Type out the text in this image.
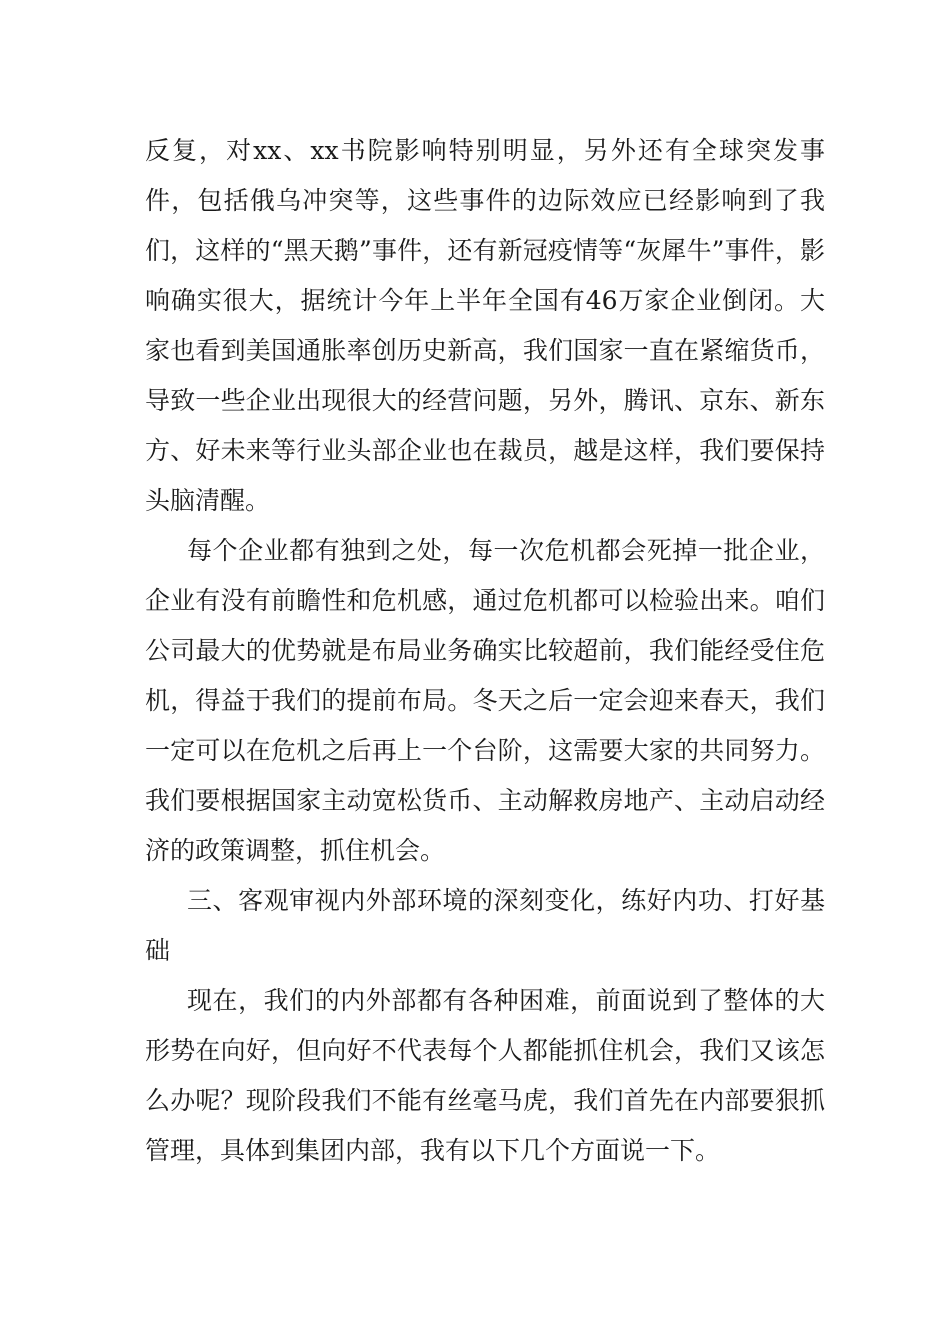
反复，对xx、xx书院影响特别明显，另外还有全球突发事件，包括俄乌冲突等，这些事件的边际效应已经影响到了我们，这样的“黑天鹅”事件，还有新冠疫情等“灰犀牛”事件，影响确实很大，据统计今年上半年全国有46万家企业倒闭。大家也看到美国通胀率创历史新高，我们国家一直在紧缩货币，导致一些企业出现很大的经营问题，另外，腾讯、京东、新东方、好未来等行业头部企业也在裁员，越是这样，我们要保持头脑清醒。

每个企业都有独到之处，每一次危机都会死掉一批企业，企业有没有前瞻性和危机感，通过危机都可以检验出来。咱们公司最大的优势就是布局业务确实比较超前，我们能经受住危机，得益于我们的提前布局。冬天之后一定会迎来春天，我们一定可以在危机之后再上一个台阶，这需要大家的共同努力。我们要根据国家主动宽松货币、主动解救房地产、主动启动经济的政策调整，抓住机会。

三、客观审视内外部环境的深刻变化，练好内功、打好基础

现在，我们的内外部都有各种困难，前面说到了整体的大形势在向好，但向好不代表每个人都能抓住机会，我们又该怎么办呢？现阶段我们不能有丝毫马虎，我们首先在内部要狠抓管理，具体到集团内部，我有以下几个方面说一下。
